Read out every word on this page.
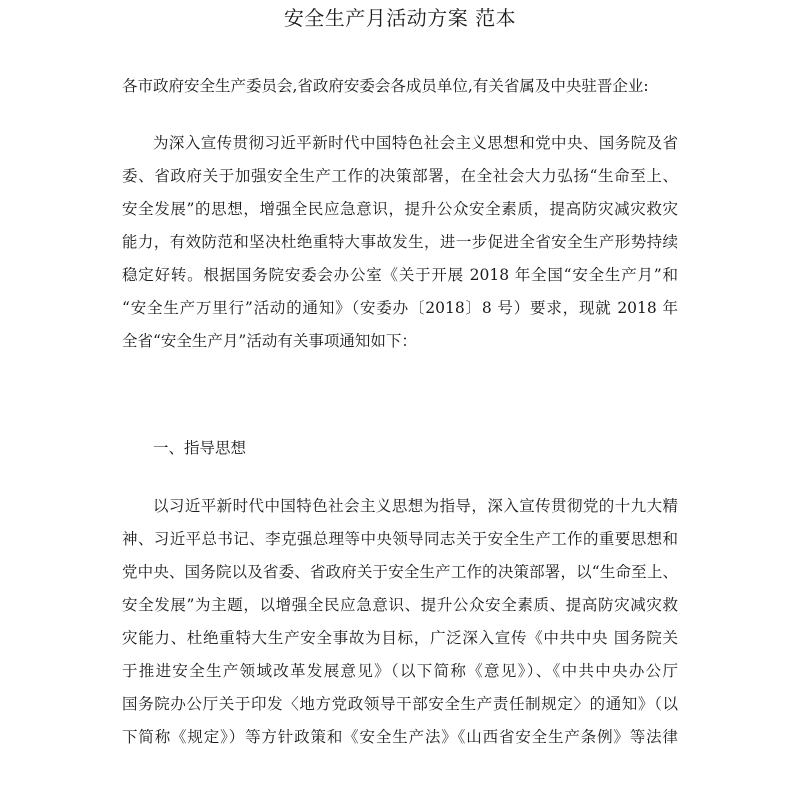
安全生产月活动方案 范本
各市政府安全生产委员会,省政府安委会各成员单位,有关省属及中央驻晋企业:
为深入宣传贯彻习近平新时代中国特色社会主义思想和党中央、国务院及省
委、省政府关于加强安全生产工作的决策部署，在全社会大力弘扬“生命至上、
安全发展”的思想，增强全民应急意识，提升公众安全素质，提高防灾减灾救灾
能力，有效防范和坚决杜绝重特大事故发生，进一步促进全省安全生产形势持续
稳定好转。根据国务院安委会办公室《关于开展 2018 年全国“安全生产月”和
“安全生产万里行”活动的通知》（安委办〔2018〕8 号）要求，现就 2018 年
全省“安全生产月”活动有关事项通知如下：
一、指导思想
以习近平新时代中国特色社会主义思想为指导，深入宣传贯彻党的十九大精
神、习近平总书记、李克强总理等中央领导同志关于安全生产工作的重要思想和
党中央、国务院以及省委、省政府关于安全生产工作的决策部署，以“生命至上、
安全发展”为主题，以增强全民应急意识、提升公众安全素质、提高防灾减灾救
灾能力、杜绝重特大生产安全事故为目标，广泛深入宣传《中共中央 国务院关
于推进安全生产领域改革发展意见》（以下简称《意见》）、《中共中央办公厅
国务院办公厅关于印发〈地方党政领导干部安全生产责任制规定〉的通知》（以
下简称《规定》）等方针政策和《安全生产法》《山西省安全生产条例》等法律
